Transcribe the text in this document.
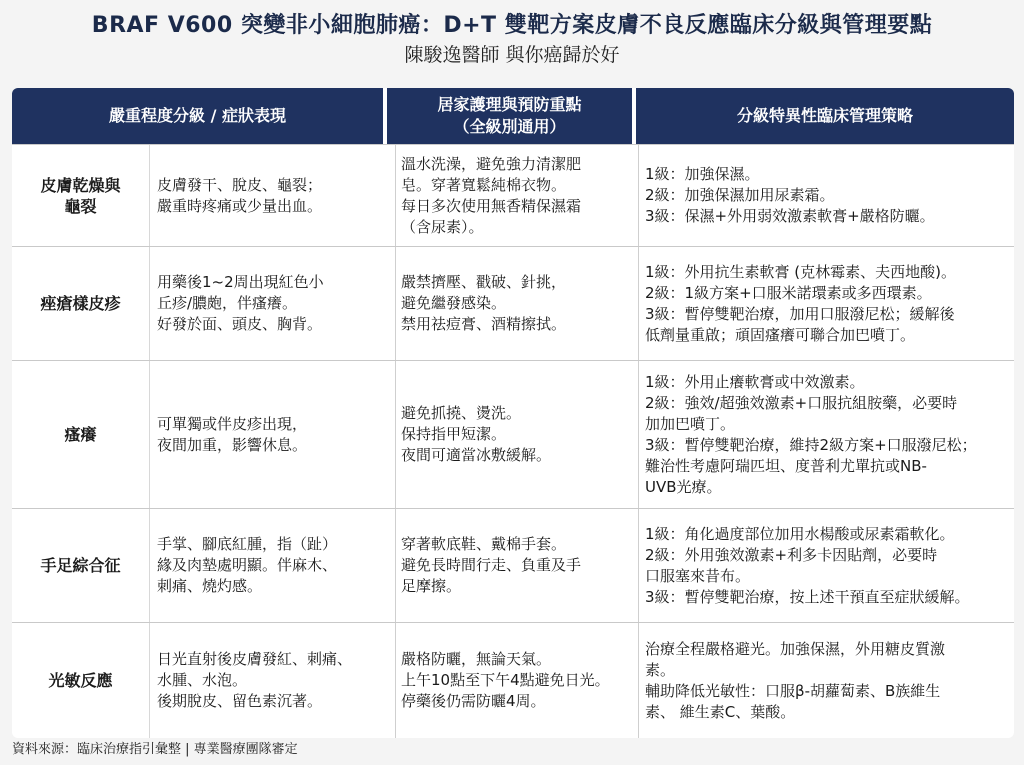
BRAF V600 突變非小細胞肺癌：D+T 雙靶方案皮膚不良反應臨床分級與管理要點
陳駿逸醫師 與你癌歸於好
嚴重程度分級 / 症狀表現
居家護理與預防重點
（全級別通用）
分級特異性臨床管理策略
皮膚乾燥與
龜裂
皮膚發干、脫皮、龜裂；
嚴重時疼痛或少量出血。
溫水洗澡，避免強力清潔肥
皂。穿著寬鬆純棉衣物。
每日多次使用無香精保濕霜
（含尿素）。
1級：加強保濕。
2級：加強保濕加用尿素霜。
3級：保濕+外用弱效激素軟膏+嚴格防曬。
痤瘡樣皮疹
用藥後1~2周出現紅色小
丘疹/膿皰，伴瘙癢。
好發於面、頭皮、胸背。
嚴禁擠壓、戳破、針挑，
避免繼發感染。
禁用祛痘膏、酒精擦拭。
1級：外用抗生素軟膏 (克林霉素、夫西地酸)。
2級：1級方案+口服米諾環素或多西環素。
3級：暫停雙靶治療，加用口服潑尼松；緩解後
低劑量重啟；頑固瘙癢可聯合加巴噴丁。
瘙癢
可單獨或伴皮疹出現，
夜間加重，影響休息。
避免抓撓、燙洗。
保持指甲短潔。
夜間可適當冰敷緩解。
1級：外用止癢軟膏或中效激素。
2級：強效/超強效激素+口服抗組胺藥，必要時
加加巴噴丁。
3級：暫停雙靶治療，維持2級方案+口服潑尼松；
難治性考慮阿瑞匹坦、度普利尤單抗或NB-
UVB光療。
手足綜合征
手掌、腳底紅腫，指（趾）
緣及肉墊處明顯。伴麻木、
刺痛、燒灼感。
穿著軟底鞋、戴棉手套。
避免長時間行走、負重及手
足摩擦。
1級：角化過度部位加用水楊酸或尿素霜軟化。
2級：外用強效激素+利多卡因貼劑，必要時
口服塞來昔布。
3級：暫停雙靶治療，按上述干預直至症狀緩解。
光敏反應
日光直射後皮膚發紅、刺痛、
水腫、水泡。
後期脫皮、留色素沉著。
嚴格防曬，無論天氣。
上午10點至下午4點避免日光。
停藥後仍需防曬4周。
治療全程嚴格避光。加強保濕，外用糖皮質激
素。
輔助降低光敏性：口服β-胡蘿蔔素、B族維生
素、 維生素C、葉酸。
資料來源：臨床治療指引彙整 | 專業醫療團隊審定
